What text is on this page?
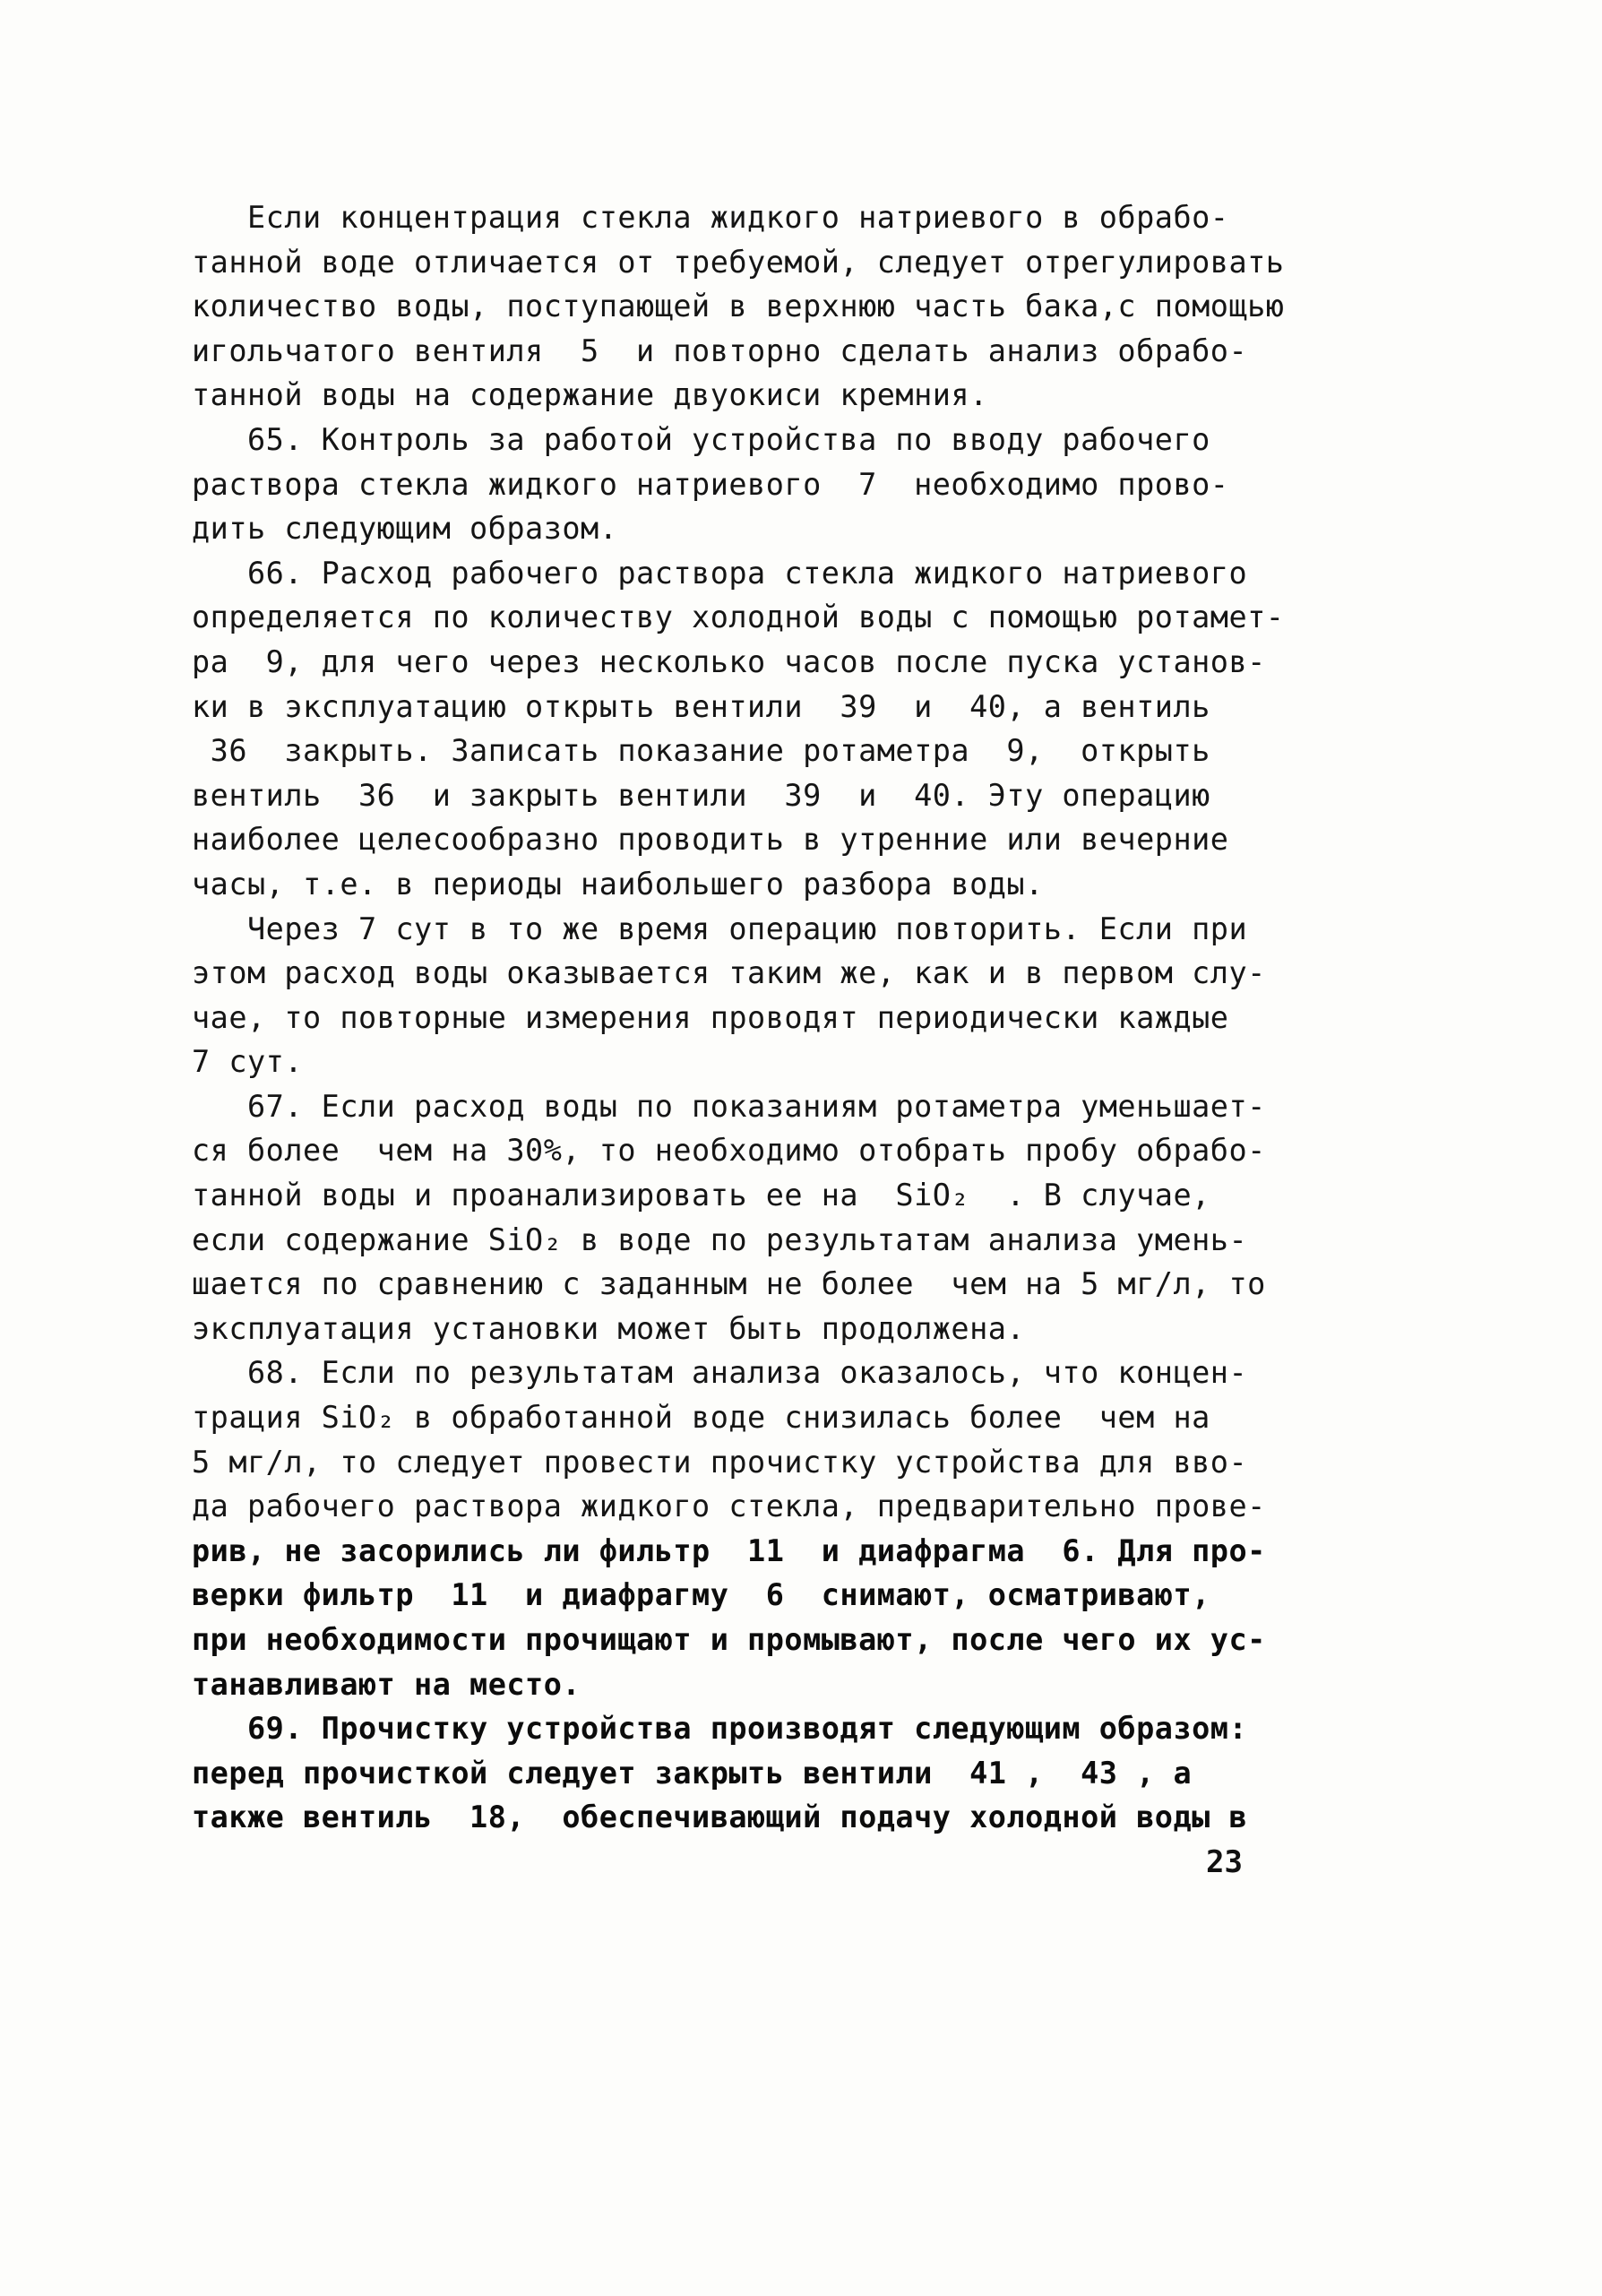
Если концентрация стекла жидкого натриевого в обрабо-
танной воде отличается от требуемой, следует отрегулировать
количество воды, поступающей в верхнюю часть бака,с помощью
игольчатого вентиля  5  и повторно сделать анализ обрабо-
танной воды на содержание двуокиси кремния.
65. Контроль за работой устройства по вводу рабочего
раствора стекла жидкого натриевого  7  необходимо прово-
дить следующим образом.
66. Расход рабочего раствора стекла жидкого натриевого
определяется по количеству холодной воды с помощью ротамет-
ра  9, для чего через несколько часов после пуска установ-
ки в эксплуатацию открыть вентили  39  и  40, а вентиль
36  закрыть. Записать показание ротаметра  9,  открыть
вентиль  36  и закрыть вентили  39  и  40. Эту операцию
наиболее целесообразно проводить в утренние или вечерние
часы, т.е. в периоды наибольшего разбора воды.
Через 7 сут в то же время операцию повторить. Если при
этом расход воды оказывается таким же, как и в первом слу-
чае, то повторные измерения проводят периодически каждые
7 сут.
67. Если расход воды по показаниям ротаметра уменьшает-
ся более  чем на 30%, то необходимо отобрать пробу обрабо-
танной воды и проанализировать ее на  SiO₂  . В случае,
если содержание SiO₂ в воде по результатам анализа умень-
шается по сравнению с заданным не более  чем на 5 мг/л, то
эксплуатация установки может быть продолжена.
68. Если по результатам анализа оказалось, что концен-
трация SiO₂ в обработанной воде снизилась более  чем на
5 мг/л, то следует провести прочистку устройства для вво-
да рабочего раствора жидкого стекла, предварительно прове-
рив, не засорились ли фильтр  11  и диафрагма  6. Для про-
верки фильтр  11  и диафрагму  6  снимают, осматривают,
при необходимости прочищают и промывают, после чего их ус-
танавливают на место.
69. Прочистку устройства производят следующим образом:
перед прочисткой следует закрыть вентили  41 ,  43 , а
также вентиль  18,  обеспечивающий подачу холодной воды в
23
